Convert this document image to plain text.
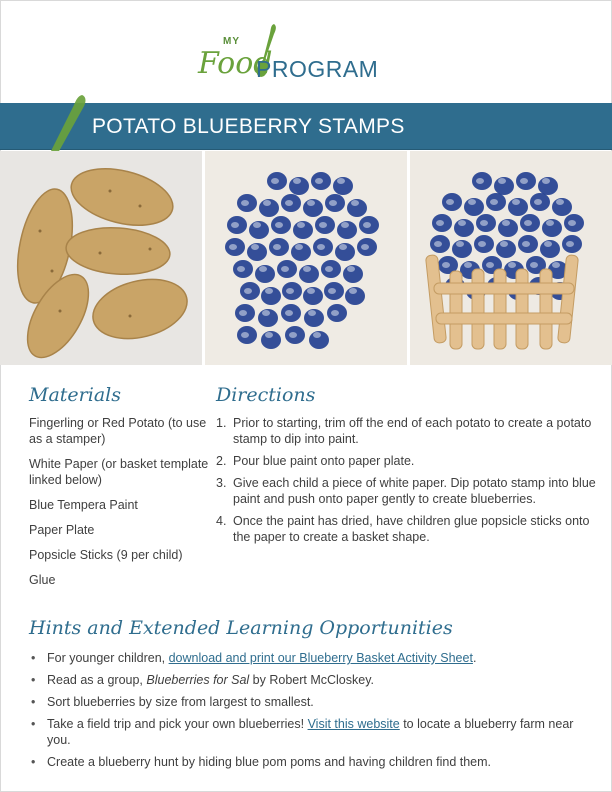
MY
Food
PROGRAM
POTATO BLUEBERRY STAMPS
Materials
Fingerling or Red Potato (to use as a stamper)
White Paper (or basket template linked below)
Blue Tempera Paint
Paper Plate
Popsicle Sticks (9 per child)
Glue
Directions
1. Prior to starting, trim off the end of each potato to create a potato stamp to dip into paint.
2. Pour blue paint onto paper plate.
3. Give each child a piece of white paper. Dip potato stamp into blue paint and push onto paper gently to create blueberries.
4. Once the paint has dried, have children glue popsicle sticks onto the paper to create a basket shape.
Hints and Extended Learning Opportunities
• For younger children, download and print our Blueberry Basket Activity Sheet.
• Read as a group, Blueberries for Sal by Robert McCloskey.
• Sort blueberries by size from largest to smallest.
• Take a field trip and pick your own blueberries! Visit this website to locate a blueberry farm near you.
• Create a blueberry hunt by hiding blue pom poms and having children find them.
